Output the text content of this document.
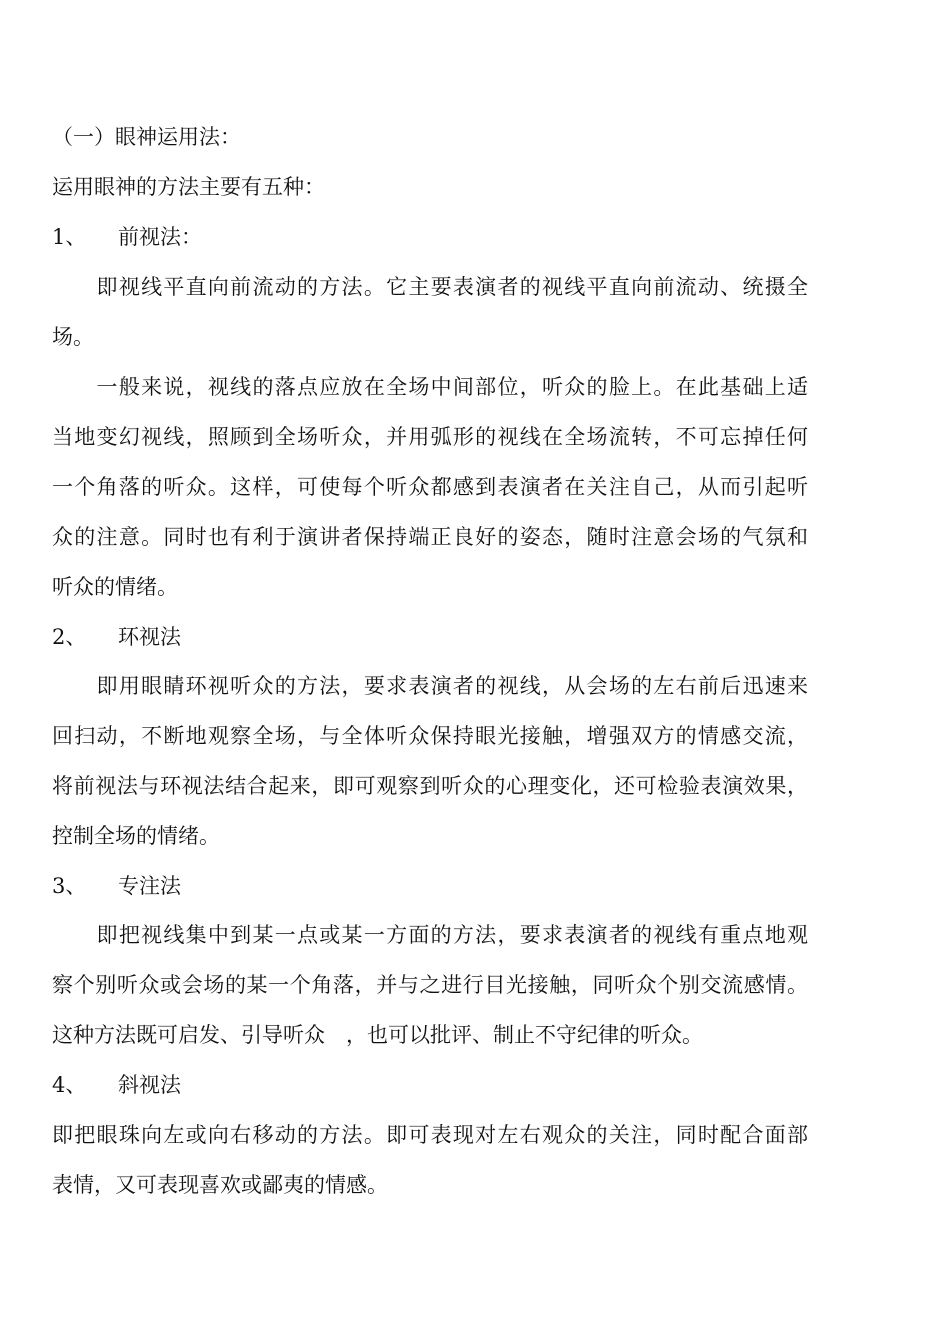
（一）眼神运用法：
运用眼神的方法主要有五种：
1、 前视法：
　　即视线平直向前流动的方法。它主要表演者的视线平直向前流动、统摄全
场。
　　一般来说，视线的落点应放在全场中间部位，听众的脸上。在此基础上适
当地变幻视线，照顾到全场听众，并用弧形的视线在全场流转，不可忘掉任何
一个角落的听众。这样，可使每个听众都感到表演者在关注自己，从而引起听
众的注意。同时也有利于演讲者保持端正良好的姿态，随时注意会场的气氛和
听众的情绪。
2、 环视法
　　即用眼睛环视听众的方法，要求表演者的视线，从会场的左右前后迅速来
回扫动，不断地观察全场，与全体听众保持眼光接触，增强双方的情感交流，
将前视法与环视法结合起来，即可观察到听众的心理变化，还可检验表演效果，
控制全场的情绪。
3、 专注法
　　即把视线集中到某一点或某一方面的方法，要求表演者的视线有重点地观
察个别听众或会场的某一个角落，并与之进行目光接触，同听众个别交流感情。
这种方法既可启发、引导听众　，也可以批评、制止不守纪律的听众。
4、 斜视法
即把眼珠向左或向右移动的方法。即可表现对左右观众的关注，同时配合面部
表情，又可表现喜欢或鄙夷的情感。
